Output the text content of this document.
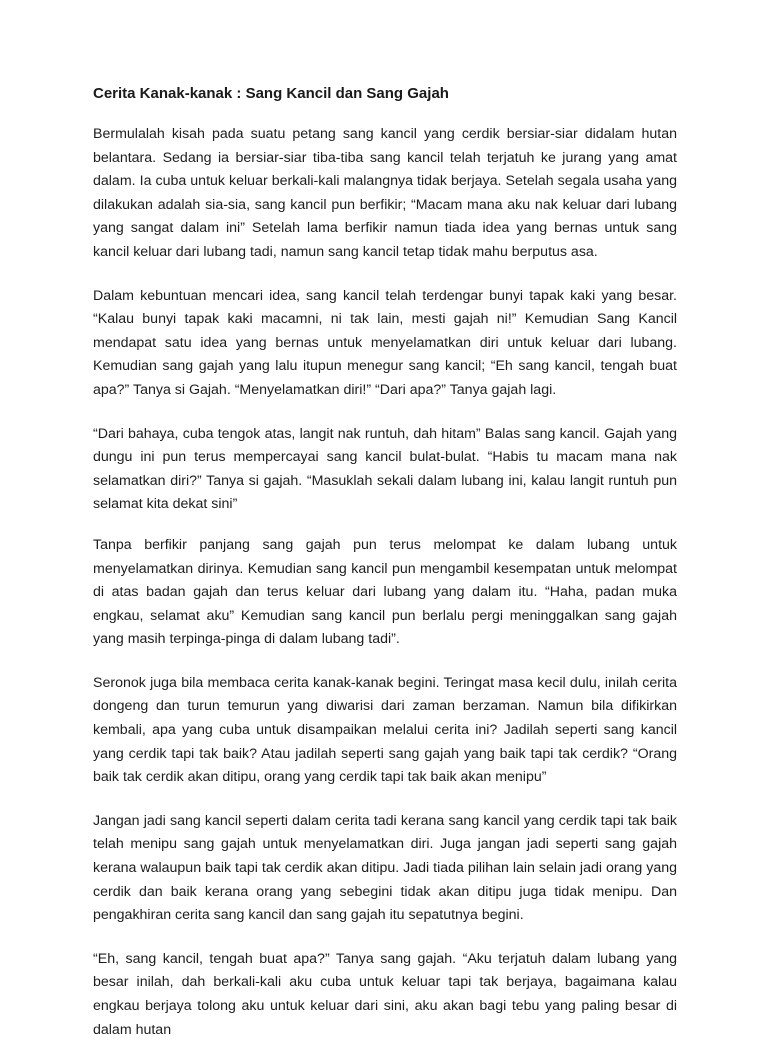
Cerita Kanak-kanak : Sang Kancil dan Sang Gajah

Bermulalah kisah pada suatu petang sang kancil yang cerdik bersiar-siar didalam hutan belantara. Sedang ia bersiar-siar tiba-tiba sang kancil telah terjatuh ke jurang yang amat dalam. Ia cuba untuk keluar berkali-kali malangnya tidak berjaya. Setelah segala usaha yang dilakukan adalah sia-sia, sang kancil pun berfikir; “Macam mana aku nak keluar dari lubang yang sangat dalam ini” Setelah lama berfikir namun tiada idea yang bernas untuk sang kancil keluar dari lubang tadi, namun sang kancil tetap tidak mahu berputus asa.

Dalam kebuntuan mencari idea, sang kancil telah terdengar bunyi tapak kaki yang besar. “Kalau bunyi tapak kaki macamni, ni tak lain, mesti gajah ni!” Kemudian Sang Kancil mendapat satu idea yang bernas untuk menyelamatkan diri untuk keluar dari lubang. Kemudian sang gajah yang lalu itupun menegur sang kancil; “Eh sang kancil, tengah buat apa?” Tanya si Gajah. “Menyelamatkan diri!” “Dari apa?” Tanya gajah lagi.

“Dari bahaya, cuba tengok atas, langit nak runtuh, dah hitam” Balas sang kancil. Gajah yang dungu ini pun terus mempercayai sang kancil bulat-bulat. “Habis tu macam mana nak selamatkan diri?” Tanya si gajah. “Masuklah sekali dalam lubang ini, kalau langit runtuh pun selamat kita dekat sini”

Tanpa berfikir panjang sang gajah pun terus melompat ke dalam lubang untuk menyelamatkan dirinya. Kemudian sang kancil pun mengambil kesempatan untuk melompat di atas badan gajah dan terus keluar dari lubang yang dalam itu. “Haha, padan muka engkau, selamat aku” Kemudian sang kancil pun berlalu pergi meninggalkan sang gajah yang masih terpinga-pinga di dalam lubang tadi”.

Seronok juga bila membaca cerita kanak-kanak begini. Teringat masa kecil dulu, inilah cerita dongeng dan turun temurun yang diwarisi dari zaman berzaman. Namun bila difikirkan kembali, apa yang cuba untuk disampaikan melalui cerita ini? Jadilah seperti sang kancil yang cerdik tapi tak baik? Atau jadilah seperti sang gajah yang baik tapi tak cerdik? “Orang baik tak cerdik akan ditipu, orang yang cerdik tapi tak baik akan menipu”

Jangan jadi sang kancil seperti dalam cerita tadi kerana sang kancil yang cerdik tapi tak baik telah menipu sang gajah untuk menyelamatkan diri. Juga jangan jadi seperti sang gajah kerana walaupun baik tapi tak cerdik akan ditipu. Jadi tiada pilihan lain selain jadi orang yang cerdik dan baik kerana orang yang sebegini tidak akan ditipu juga tidak menipu. Dan pengakhiran cerita sang kancil dan sang gajah itu sepatutnya begini.

“Eh, sang kancil, tengah buat apa?” Tanya sang gajah. “Aku terjatuh dalam lubang yang besar inilah, dah berkali-kali aku cuba untuk keluar tapi tak berjaya, bagaimana kalau engkau berjaya tolong aku untuk keluar dari sini, aku akan bagi tebu yang paling besar di dalam hutan
